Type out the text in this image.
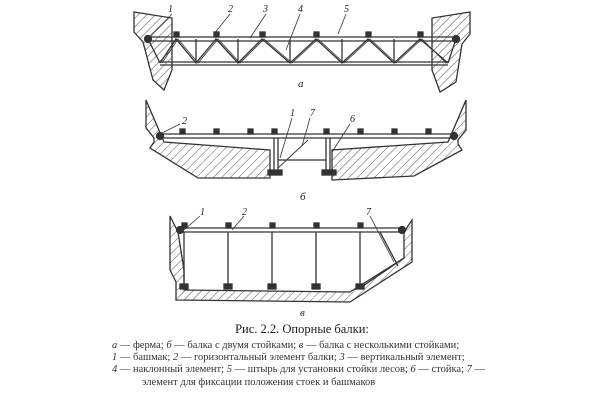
1	2	3	4	5
а
2
1 7
6
б
1	2	7
в
Рис. 2.2. Опорные балки:
а — ферма; б — балка с двумя стойками; в — балка с несколькими стойками;
1 — башмак; 2 — горизонтальный элемент балки; 3 — вертикальный элемент;
4 — наклонный элемент; 5 — штырь для установки стойки лесов; 6 — стойка; 7 —
элемент для фиксации положения стоек и башмаков
